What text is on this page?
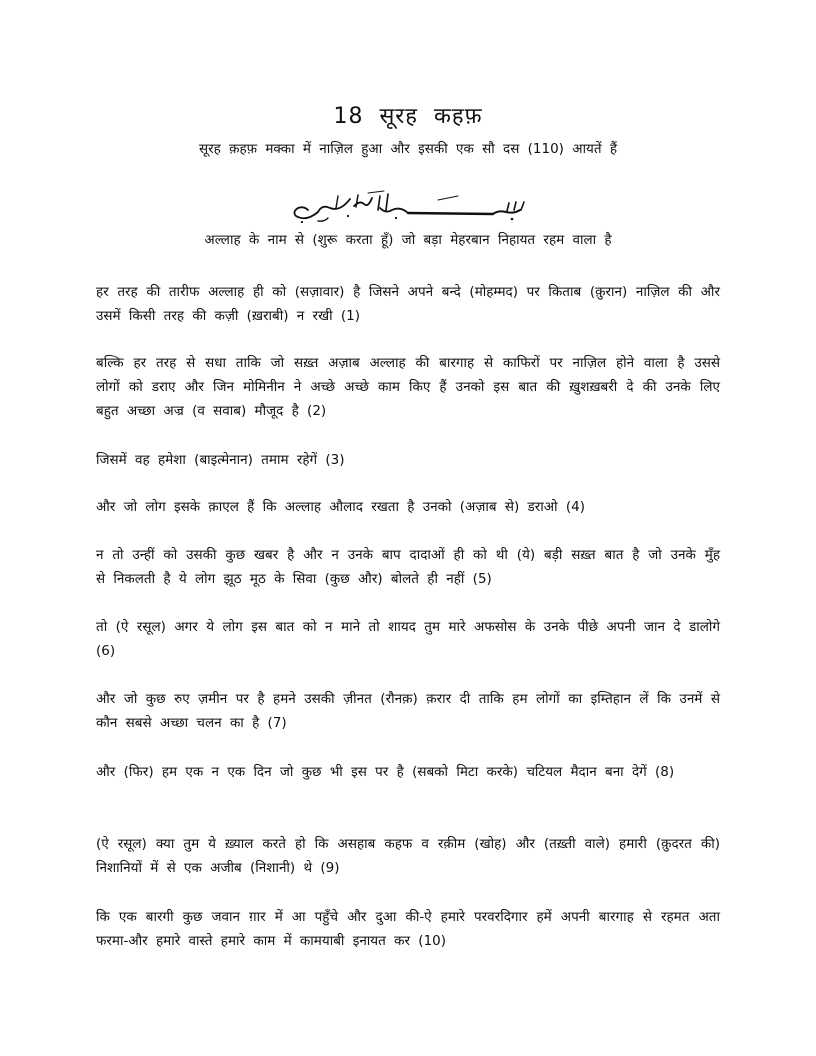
18 सूरह कहफ़
सूरह क़हफ़ मक्का में नाज़िल हुआ और इसकी एक सौ दस (110) आयतें हैं
अल्लाह के नाम से (शुरू करता हूँ) जो बड़ा मेहरबान निहायत रहम वाला है
हर तरह की तारीफ अल्लाह ही को (सज़ावार) है जिसने अपने बन्दे (मोहम्मद) पर किताब (क़ुरान) नाज़िल की और उसमें किसी तरह की कज़ी (ख़राबी) न रखी (1)
बल्कि हर तरह से सधा ताकि जो सख़्त अज़ाब अल्लाह की बारगाह से काफिरों पर नाज़िल होने वाला है उससे लोगों को डराए और जिन मोमिनीन ने अच्छे अच्छे काम किए हैं उनको इस बात की ख़ुशख़बरी दे की उनके लिए बहुत अच्छा अज्र (व सवाब) मौजूद है (2)
जिसमें वह हमेशा (बाइत्मेनान) तमाम रहेगें (3)
और जो लोग इसके क़ाएल हैं कि अल्लाह औलाद रखता है उनको (अज़ाब से) डराओ (4)
न तो उन्हीं को उसकी कुछ खबर है और न उनके बाप दादाओं ही को थी (ये) बड़ी सख़्त बात है जो उनके मुँह से निकलती है ये लोग झूठ मूठ के सिवा (कुछ और) बोलते ही नहीं (5)
तो (ऐ रसूल) अगर ये लोग इस बात को न माने तो शायद तुम मारे अफसोस के उनके पीछे अपनी जान दे डालोगे (6)
और जो कुछ रुए ज़मीन पर है हमने उसकी ज़ीनत (रौनक़) क़रार दी ताकि हम लोगों का इम्तिहान लें कि उनमें से कौन सबसे अच्छा चलन का है (7)
और (फिर) हम एक न एक दिन जो कुछ भी इस पर है (सबको मिटा करके) चटियल मैदान बना देगें (8)
(ऐ रसूल) क्या तुम ये ख़्याल करते हो कि असहाब कहफ व रक़ीम (खोह) और (तख़्ती वाले) हमारी (क़ुदरत की) निशानियों में से एक अजीब (निशानी) थे (9)
कि एक बारगी कुछ जवान ग़ार में आ पहुँचे और दुआ की-ऐ हमारे परवरदिगार हमें अपनी बारगाह से रहमत अता फरमा-और हमारे वास्ते हमारे काम में कामयाबी इनायत कर (10)
